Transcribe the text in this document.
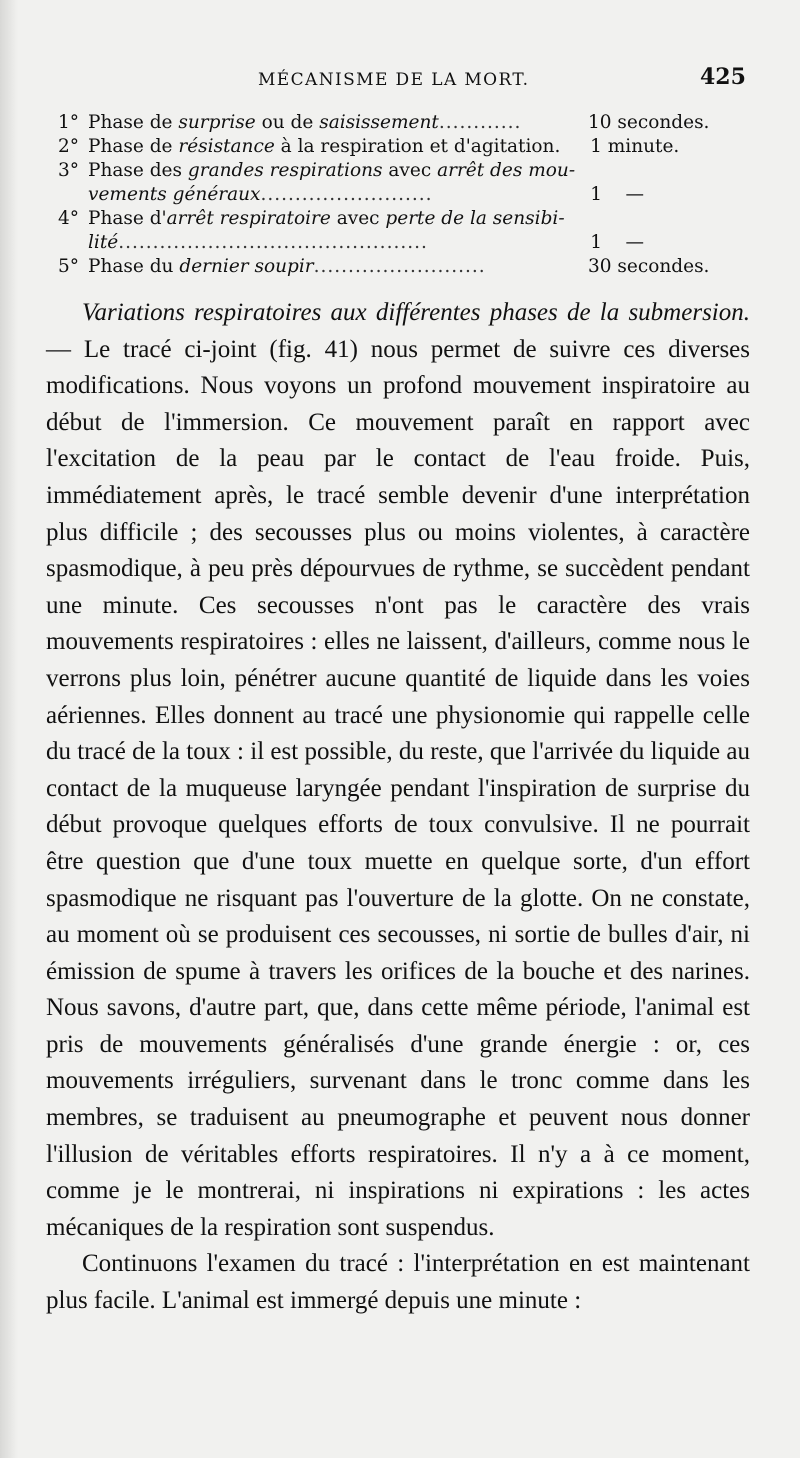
MÉCANISME DE LA MORT.	425
1° Phase de surprise ou de saisissement............	10 secondes.
2° Phase de résistance à la respiration et d'agitation.	1 minute.
3° Phase des grandes respirations avec arrêt des mou-
vements généraux.........................	1    —
4° Phase d'arrêt respiratoire avec perte de la sensibi-
lité.............................................	1    —
5° Phase du dernier soupir.........................	30 secondes.

Variations respiratoires aux différentes phases de la submersion.— Le tracé ci-joint (fig. 41) nous permet de suivre ces diverses modifications. Nous voyons un profond mouvement inspiratoire au début de l'immersion. Ce mouvement paraît en rapport avec l'excitation de la peau par le contact de l'eau froide. Puis, immédiatement après, le tracé semble devenir d'une interprétation plus difficile ; des secousses plus ou moins violentes, à caractère spasmodique, à peu près dépourvues de rythme, se succèdent pendant une minute. Ces secousses n'ont pas le caractère des vrais mouvements respiratoires : elles ne laissent, d'ailleurs, comme nous le verrons plus loin, pénétrer aucune quantité de liquide dans les voies aériennes. Elles donnent au tracé une physionomie qui rappelle celle du tracé de la toux : il est possible, du reste, que l'arrivée du liquide au contact de la muqueuse laryngée pendant l'inspiration de surprise du début provoque quelques efforts de toux convulsive. Il ne pourrait être question que d'une toux muette en quelque sorte, d'un effort spasmodique ne risquant pas l'ouverture de la glotte. On ne constate, au moment où se produisent ces secousses, ni sortie de bulles d'air, ni émission de spume à travers les orifices de la bouche et des narines. Nous savons, d'autre part, que, dans cette même période, l'animal est pris de mouvements généralisés d'une grande énergie : or, ces mouvements irréguliers, survenant dans le tronc comme dans les membres, se traduisent au pneumographe et peuvent nous donner l'illusion de véritables efforts respiratoires. Il n'y a à ce moment, comme je le montrerai, ni inspirations ni expirations : les actes mécaniques de la respiration sont suspendus.

Continuons l'examen du tracé : l'interprétation en est maintenant plus facile. L'animal est immergé depuis une minute :
